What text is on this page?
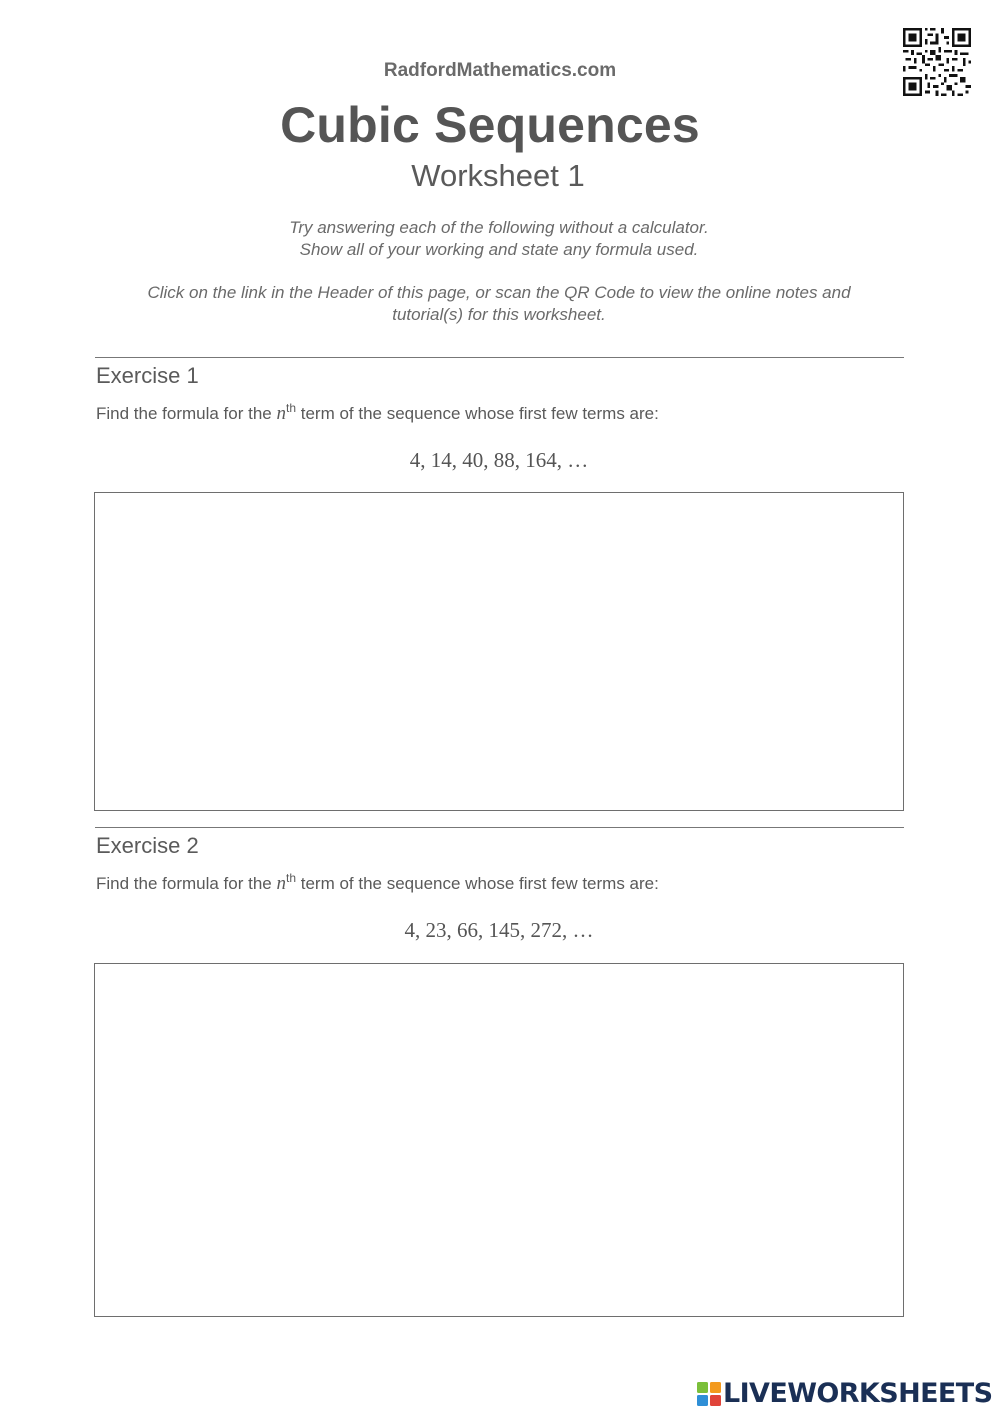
RadfordMathematics.com
Cubic Sequences
Worksheet 1
Try answering each of the following without a calculator.
Show all of your working and state any formula used.
Click on the link in the Header of this page, or scan the QR Code to view the online notes and
tutorial(s) for this worksheet.
Exercise 1
Find the formula for the $n^{th}$ term of the sequence whose first few terms are:
4, 14, 40, 88, 164, …
Exercise 2
Find the formula for the $n^{th}$ term of the sequence whose first few terms are:
4, 23, 66, 145, 272, …
LIVEWORKSHEETS
